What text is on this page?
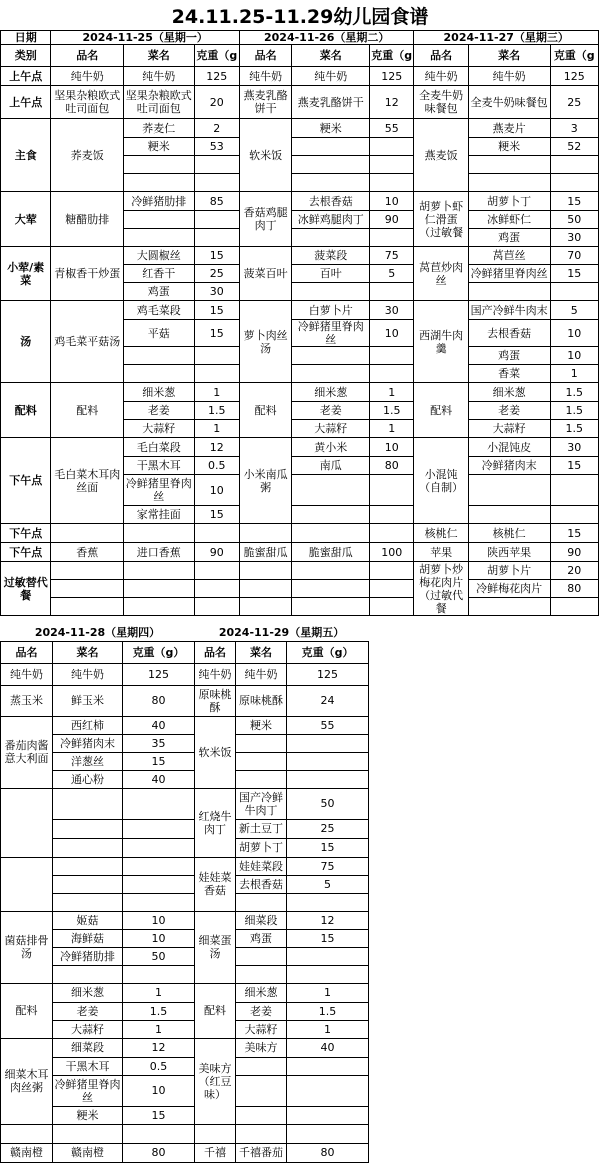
24.11.25-11.29幼儿园食谱
日期	2024-11-25（星期一）			2024-11-26（星期二）			2024-11-27（星期三）		
类别	品名	菜名	克重（g	品名	菜名	克重（g	品名	菜名	克重（g
上午点	纯牛奶	纯牛奶	125	纯牛奶	纯牛奶	125	纯牛奶	纯牛奶	125
上午点	坚果杂粮欧式吐司面包	坚果杂粮欧式吐司面包	20	燕麦乳酪饼干	燕麦乳酪饼干	12	全麦牛奶味餐包	全麦牛奶味餐包	25
主食	荞麦饭	荞麦仁	2	软米饭	粳米	55	燕麦饭	燕麦片	3
		粳米	53					粳米	52

大荤	糖醋肋排	冷鲜猪肋排	85	香菇鸡腿肉丁	去根香菇	10	胡萝卜虾仁滑蛋（过敏餐	胡萝卜丁	15
					冰鲜鸡腿肉丁	90		冰鲜虾仁	50
								鸡蛋	30
小荤/素菜	青椒香干炒蛋	大圆椒丝	15	菠菜百叶	菠菜段	75	莴苣炒肉丝	莴苣丝	70
		红香干	25		百叶	5		冷鲜猪里脊肉丝	15
		鸡蛋	30						
汤	鸡毛菜平菇汤	鸡毛菜段	15	萝卜肉丝汤	白萝卜片	30	西湖牛肉羹	国产冷鲜牛肉末	5
		平菇	15		冷鲜猪里脊肉丝	10		去根香菇	10
								鸡蛋	10
								香菜	1
配料	配料	细米葱	1	配料	细米葱	1	配料	细米葱	1.5
		老姜	1.5		老姜	1.5		老姜	1.5
		大蒜籽	1		大蒜籽	1		大蒜籽	1.5
下午点	毛白菜木耳肉丝面	毛白菜段	12	小米南瓜粥	黄小米	10	小混饨（自制）	小混饨皮	30
		干黑木耳	0.5		南瓜	80		冷鲜猪肉末	15
		冷鲜猪里脊肉丝	10						
		家常挂面	15						
下午点							核桃仁	核桃仁	15
下午点	香蕉	进口香蕉	90	脆蜜甜瓜	脆蜜甜瓜	100	苹果	陕西苹果	90
过敏替代餐							胡萝卜炒梅花肉片（过敏代餐	胡萝卜片	20
								冷鲜梅花肉片	80

2024-11-28（星期四）			2024-11-29（星期五）		
品名	菜名	克重（g）	品名	菜名	克重（g）
纯牛奶	纯牛奶	125	纯牛奶	纯牛奶	125
蒸玉米	鲜玉米	80	原味桃酥	原味桃酥	24
番茄肉酱意大利面	西红柿	40	软米饭	粳米	55
	冷鲜猪肉末	35			
	洋葱丝	15			
	通心粉	40			
			红烧牛肉丁	国产冷鲜牛肉丁	50
				新土豆丁	25
				胡萝卜丁	15
			娃娃菜香菇	娃娃菜段	75
				去根香菇	5

菌菇排骨汤	姬菇	10	细菜蛋汤	细菜段	12
	海鲜菇	10		鸡蛋	15
	冷鲜猪肋排	50			

配料	细米葱	1	配料	细米葱	1
	老姜	1.5		老姜	1.5
	大蒜籽	1		大蒜籽	1
细菜木耳肉丝粥	细菜段	12	美味方（红豆味）	美味方	40
	干黑木耳	0.5			
	冷鲜猪里脊肉丝	10			
	粳米	15			

赣南橙	赣南橙	80	千禧	千禧番茄	80
